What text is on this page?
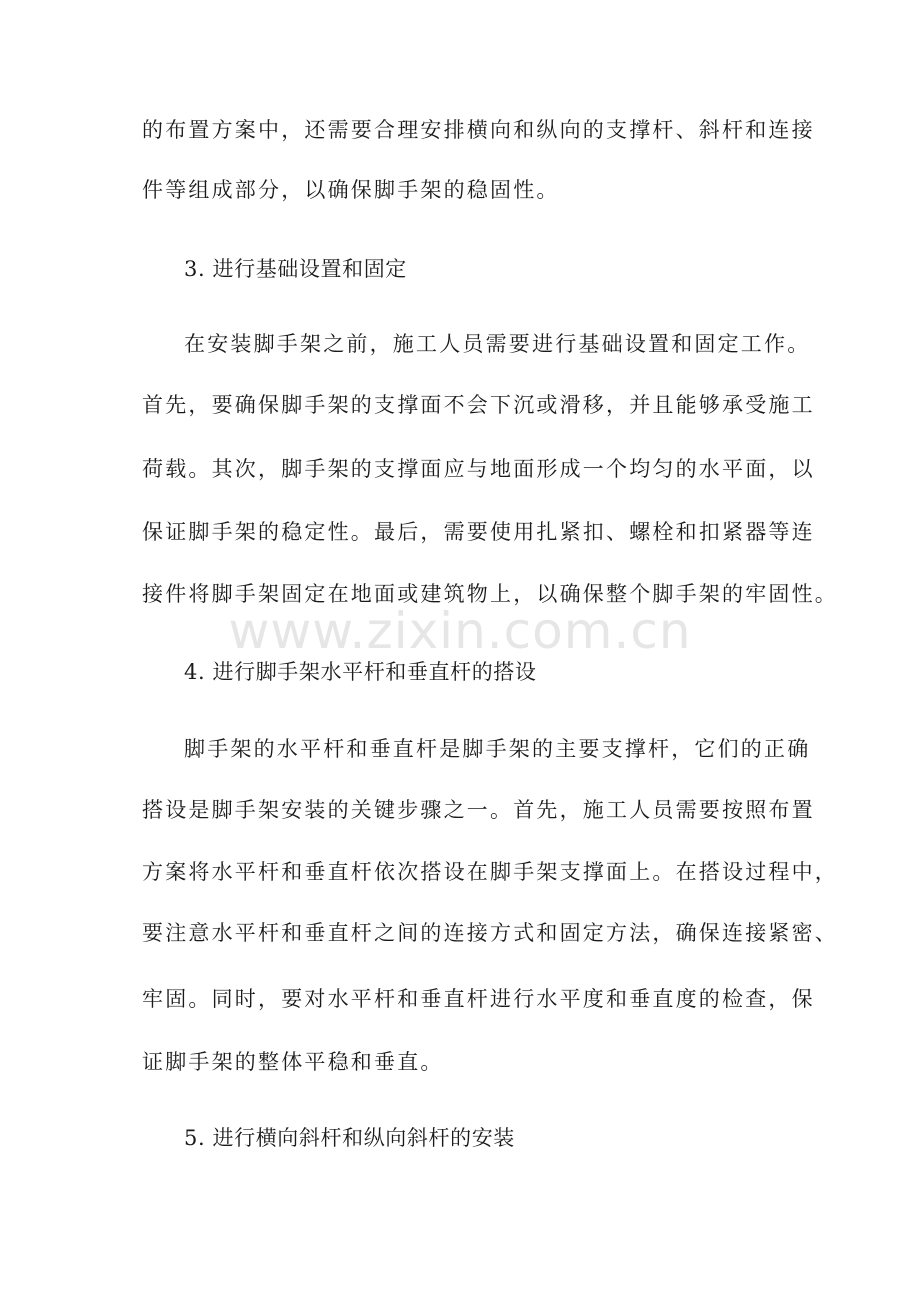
的布置方案中，还需要合理安排横向和纵向的支撑杆、斜杆和连接
件等组成部分，以确保脚手架的稳固性。
3. 进行基础设置和固定
在安装脚手架之前，施工人员需要进行基础设置和固定工作。
首先，要确保脚手架的支撑面不会下沉或滑移，并且能够承受施工
荷载。其次，脚手架的支撑面应与地面形成一个均匀的水平面，以
保证脚手架的稳定性。最后，需要使用扎紧扣、螺栓和扣紧器等连
接件将脚手架固定在地面或建筑物上，以确保整个脚手架的牢固性。
4. 进行脚手架水平杆和垂直杆的搭设
脚手架的水平杆和垂直杆是脚手架的主要支撑杆，它们的正确
搭设是脚手架安装的关键步骤之一。首先，施工人员需要按照布置
方案将水平杆和垂直杆依次搭设在脚手架支撑面上。在搭设过程中，
要注意水平杆和垂直杆之间的连接方式和固定方法，确保连接紧密、
牢固。同时，要对水平杆和垂直杆进行水平度和垂直度的检查，保
证脚手架的整体平稳和垂直。
5. 进行横向斜杆和纵向斜杆的安装
www.zixin.com.cn
